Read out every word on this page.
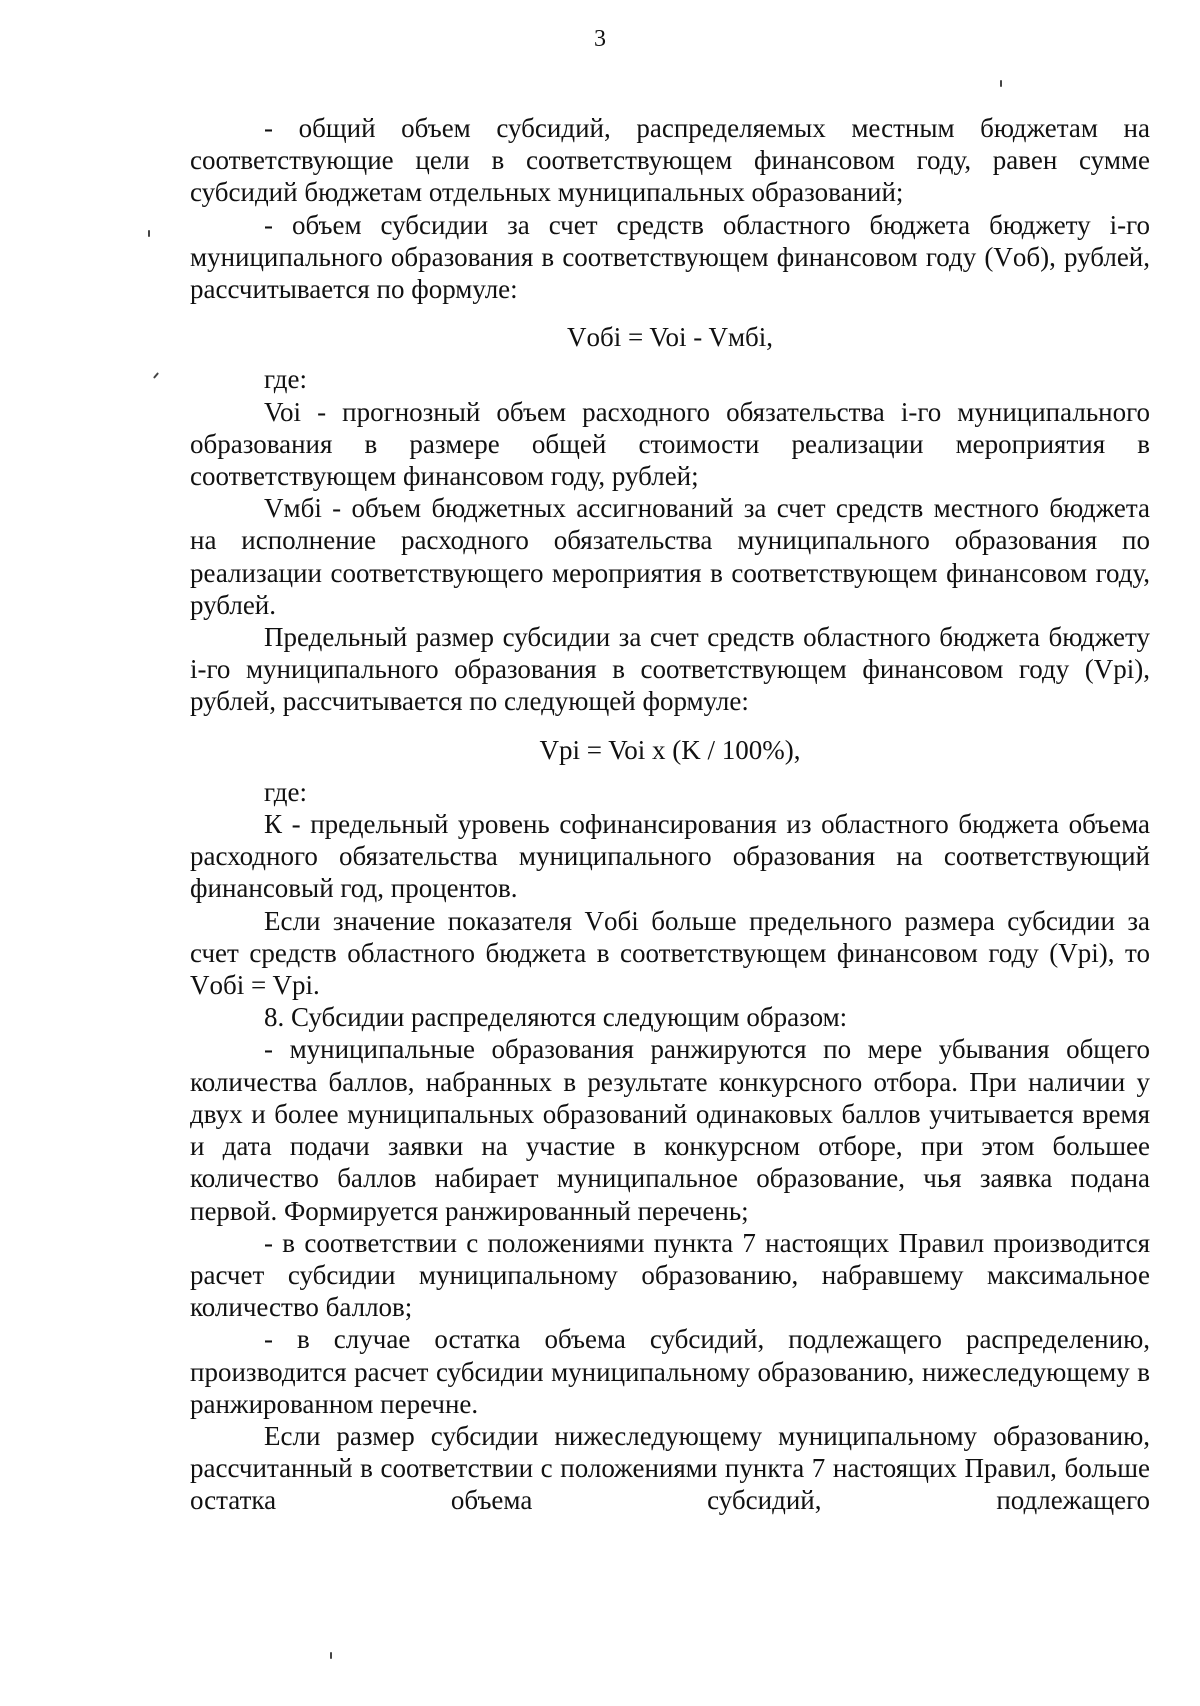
3

- общий объем субсидий, распределяемых местным бюджетам на соответствующие цели в соответствующем финансовом году, равен сумме субсидий бюджетам отдельных муниципальных образований;

- объем субсидии за счет средств областного бюджета бюджету i-го муниципального образования в соответствующем финансовом году (Vоб), рублей, рассчитывается по формуле:

Vобi = Voi - Vмбi,

где:

Voi - прогнозный объем расходного обязательства i-го муниципального образования в размере общей стоимости реализации мероприятия в соответствующем финансовом году, рублей;

Vмбi - объем бюджетных ассигнований за счет средств местного бюджета на исполнение расходного обязательства муниципального образования по реализации соответствующего мероприятия в соответствующем финансовом году, рублей.

Предельный размер субсидии за счет средств областного бюджета бюджету i-го муниципального образования в соответствующем финансовом году (Vpi), рублей, рассчитывается по следующей формуле:

Vpi = Voi x (K / 100%),

где:

К - предельный уровень софинансирования из областного бюджета объема расходного обязательства муниципального образования на соответствующий финансовый год, процентов.

Если значение показателя Vобi больше предельного размера субсидии за счет средств областного бюджета в соответствующем финансовом году (Vpi), то Vобi = Vpi.

8. Субсидии распределяются следующим образом:

- муниципальные образования ранжируются по мере убывания общего количества баллов, набранных в результате конкурсного отбора. При наличии у двух и более муниципальных образований одинаковых баллов учитывается время и дата подачи заявки на участие в конкурсном отборе, при этом большее количество баллов набирает муниципальное образование, чья заявка подана первой. Формируется ранжированный перечень;

- в соответствии с положениями пункта 7 настоящих Правил производится расчет субсидии муниципальному образованию, набравшему максимальное количество баллов;

- в случае остатка объема субсидий, подлежащего распределению, производится расчет субсидии муниципальному образованию, нижеследующему в ранжированном перечне.

Если размер субсидии нижеследующему муниципальному образованию, рассчитанный в соответствии с положениями пункта 7 настоящих Правил, больше остатка объема субсидий, подлежащего
